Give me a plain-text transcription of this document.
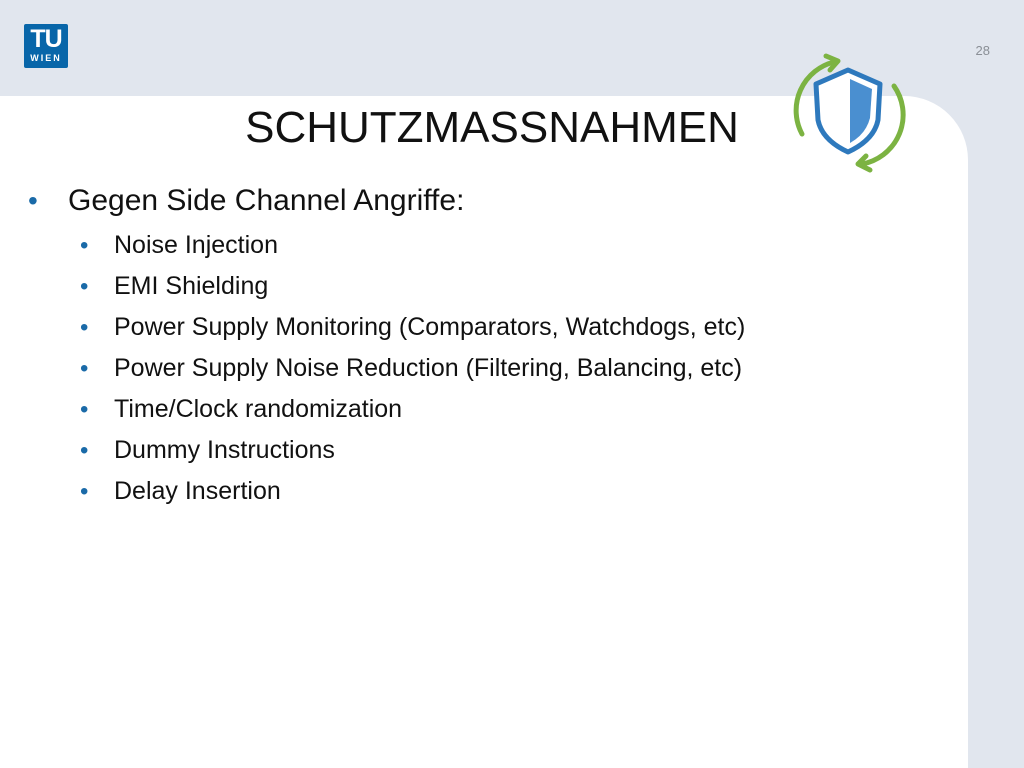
TU
WIEN	28
SCHUTZMASSNAHMEN
• Gegen Side Channel Angriffe:
• Noise Injection
• EMI Shielding
• Power Supply Monitoring (Comparators, Watchdogs, etc)
• Power Supply Noise Reduction (Filtering, Balancing, etc)
• Time/Clock randomization
• Dummy Instructions
• Delay Insertion
